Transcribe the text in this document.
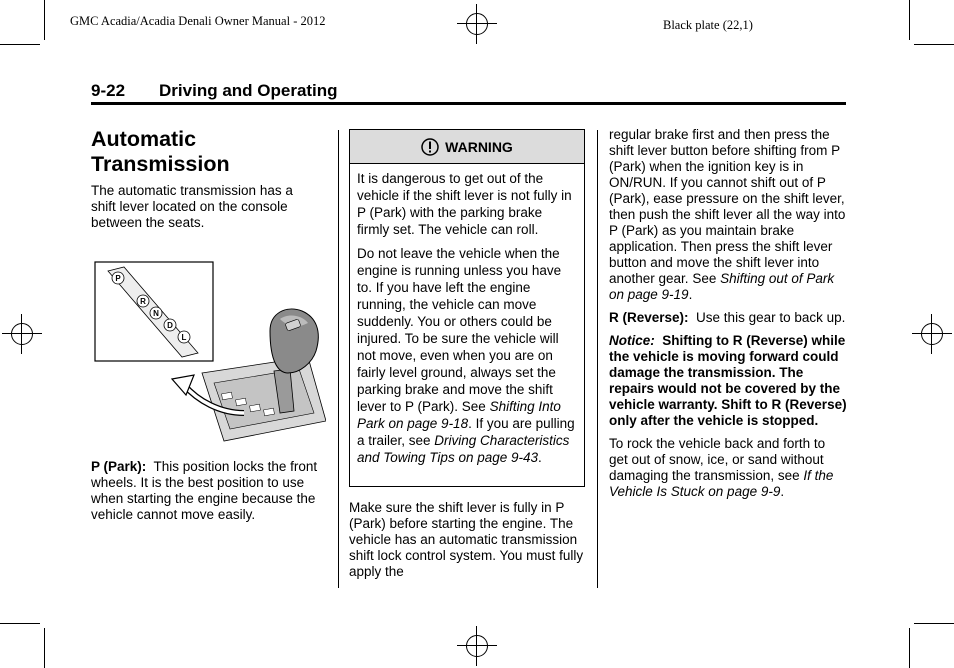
GMC Acadia/Acadia Denali Owner Manual - 2012	Black plate (22,1)
9-22 Driving and Operating
Automatic Transmission
The automatic transmission has a shift lever located on the console between the seats.
P
R
N
D
L
P (Park): This position locks the front wheels. It is the best position to use when starting the engine because the vehicle cannot move easily.
WARNING

It is dangerous to get out of the vehicle if the shift lever is not fully in P (Park) with the parking brake firmly set. The vehicle can roll.

Do not leave the vehicle when the engine is running unless you have to. If you have left the engine running, the vehicle can move suddenly. You or others could be injured. To be sure the vehicle will not move, even when you are on fairly level ground, always set the parking brake and move the shift lever to P (Park). See Shifting Into Park on page 9-18. If you are pulling a trailer, see Driving Characteristics and Towing Tips on page 9-43.

Make sure the shift lever is fully in P (Park) before starting the engine. The vehicle has an automatic transmission shift lock control system. You must fully apply the

regular brake first and then press the shift lever button before shifting from P (Park) when the ignition key is in ON/RUN. If you cannot shift out of P (Park), ease pressure on the shift lever, then push the shift lever all the way into P (Park) as you maintain brake application. Then press the shift lever button and move the shift lever into another gear. See Shifting out of Park on page 9-19.

R (Reverse): Use this gear to back up.

Notice: Shifting to R (Reverse) while the vehicle is moving forward could damage the transmission. The repairs would not be covered by the vehicle warranty. Shift to R (Reverse) only after the vehicle is stopped.

To rock the vehicle back and forth to get out of snow, ice, or sand without damaging the transmission, see If the Vehicle Is Stuck on page 9-9.
